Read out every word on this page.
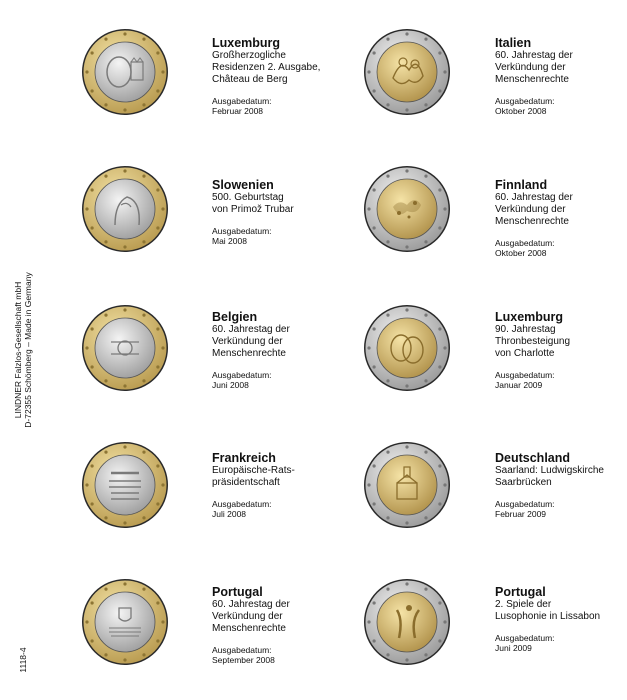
LINDNER Falzlos-Gesellschaft mbH
D-72355 Schömberg – Made in Germany
1118-4
Luxemburg
Großherzogliche
Residenzen 2. Ausgabe,
Château de Berg
Ausgabedatum:
Februar 2008
Italien
60. Jahrestag der
Verkündung der
Menschenrechte
Ausgabedatum:
Oktober 2008
Slowenien
500. Geburtstag
von Primož Trubar
Ausgabedatum:
Mai 2008
Finnland
60. Jahrestag der
Verkündung der
Menschenrechte
Ausgabedatum:
Oktober 2008
Belgien
60. Jahrestag der
Verkündung der
Menschenrechte
Ausgabedatum:
Juni 2008
Luxemburg
90. Jahrestag
Thronbesteigung
von Charlotte
Ausgabedatum:
Januar 2009
Frankreich
Europäische-Rats-
präsidentschaft
Ausgabedatum:
Juli 2008
Deutschland
Saarland: Ludwigskirche
Saarbrücken
Ausgabedatum:
Februar 2009
Portugal
60. Jahrestag der
Verkündung der
Menschenrechte
Ausgabedatum:
September 2008
Portugal
2. Spiele der
Lusophonie in Lissabon
Ausgabedatum:
Juni 2009
